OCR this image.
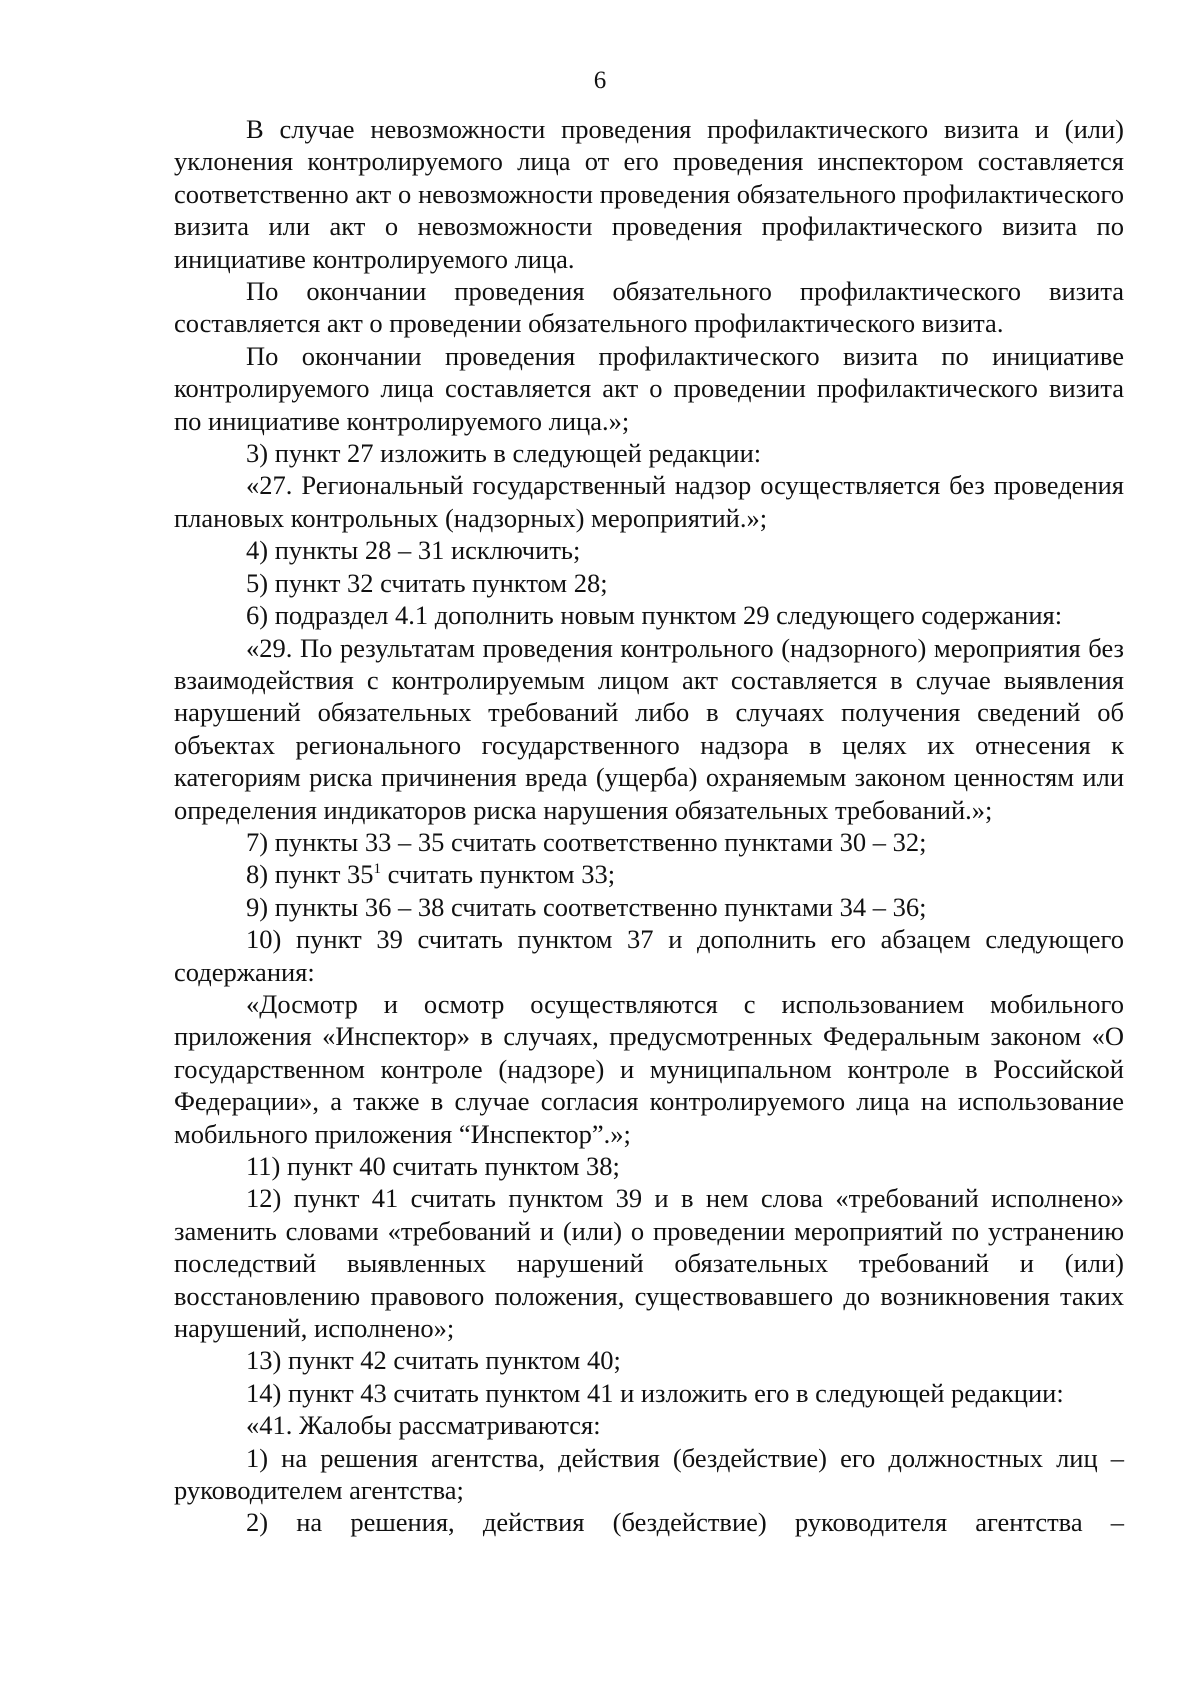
6

В случае невозможности проведения профилактического визита и (или) уклонения контролируемого лица от его проведения инспектором составляется соответственно акт о невозможности проведения обязательного профилактического визита или акт о невозможности проведения профилактического визита по инициативе контролируемого лица.

По окончании проведения обязательного профилактического визита составляется акт о проведении обязательного профилактического визита.

По окончании проведения профилактического визита по инициативе контролируемого лица составляется акт о проведении профилактического визита по инициативе контролируемого лица.»;

3) пункт 27 изложить в следующей редакции:

«27. Региональный государственный надзор осуществляется без проведения плановых контрольных (надзорных) мероприятий.»;

4) пункты 28 – 31 исключить;

5) пункт 32 считать пунктом 28;

6) подраздел 4.1 дополнить новым пунктом 29 следующего содержания:

«29. По результатам проведения контрольного (надзорного) мероприятия без взаимодействия с контролируемым лицом акт составляется в случае выявления нарушений обязательных требований либо в случаях получения сведений об объектах регионального государственного надзора в целях их отнесения к категориям риска причинения вреда (ущерба) охраняемым законом ценностям или определения индикаторов риска нарушения обязательных требований.»;

7) пункты 33 – 35 считать соответственно пунктами 30 – 32;

8) пункт $35^1$ считать пунктом 33;

9) пункты 36 – 38 считать соответственно пунктами 34 – 36;

10) пункт 39 считать пунктом 37 и дополнить его абзацем следующего содержания:

«Досмотр и осмотр осуществляются с использованием мобильного приложения «Инспектор» в случаях, предусмотренных Федеральным законом «О государственном контроле (надзоре) и муниципальном контроле в Российской Федерации», а также в случае согласия контролируемого лица на использование мобильного приложения “Инспектор”.»;

11) пункт 40 считать пунктом 38;

12) пункт 41 считать пунктом 39 и в нем слова «требований исполнено» заменить словами «требований и (или) о проведении мероприятий по устранению последствий выявленных нарушений обязательных требований и (или) восстановлению правового положения, существовавшего до возникновения таких нарушений, исполнено»;

13) пункт 42 считать пунктом 40;

14) пункт 43 считать пунктом 41 и изложить его в следующей редакции:

«41. Жалобы рассматриваются:

1) на решения агентства, действия (бездействие) его должностных лиц – руководителем агентства;

2) на решения, действия (бездействие) руководителя агентства –
